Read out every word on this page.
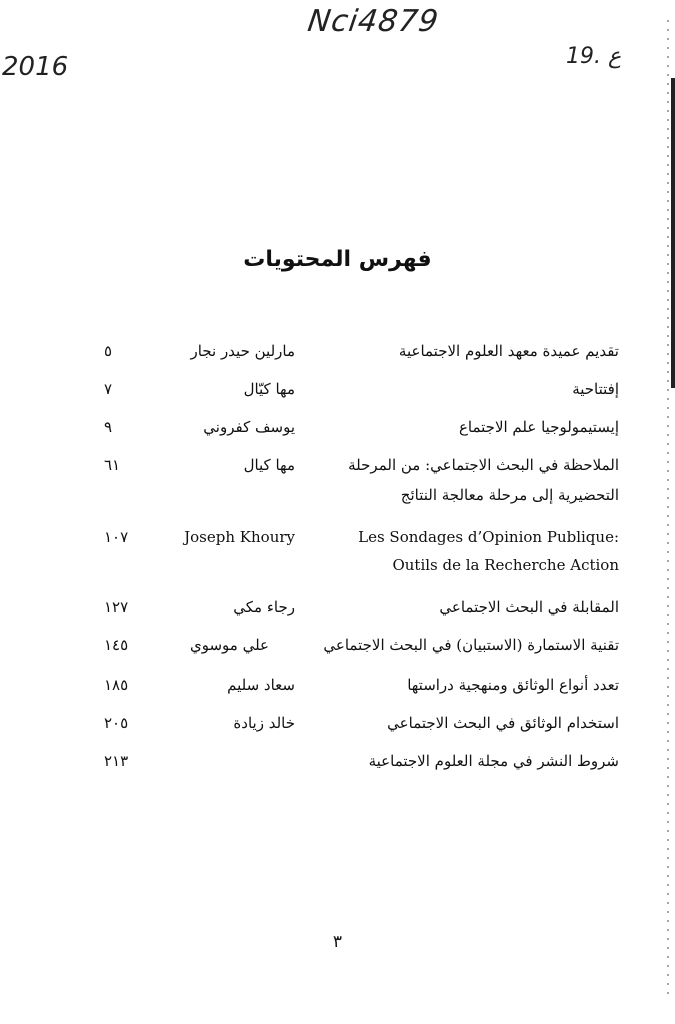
Nci4879
2016	19. ع
فهرس المحتويات
تقديم عميدة معهد العلوم الاجتماعية
مارلين حيدر نجار
٥
إفتتاحية
مها كيّال
٧
إيستيمولوجيا علم الاجتماع
يوسف كفروني
٩
الملاحظة في البحث الاجتماعي: من المرحلة
مها كيال
٦١
التحضيرية إلى مرحلة معالجة النتائج
Les Sondages d’Opinion Publique:
Joseph Khoury
١٠٧
Outils de la Recherche Action
المقابلة في البحث الاجتماعي
رجاء مكي
١٢٧
تقنية الاستمارة (الاستبيان) في البحث الاجتماعي
علي موسوي
١٤٥
تعدد أنواع الوثائق ومنهجية دراستها
سعاد سليم
١٨٥
استخدام الوثائق في البحث الاجتماعي
خالد زيادة
٢٠٥
شروط النشر في مجلة العلوم الاجتماعية
٢١٣
٣
